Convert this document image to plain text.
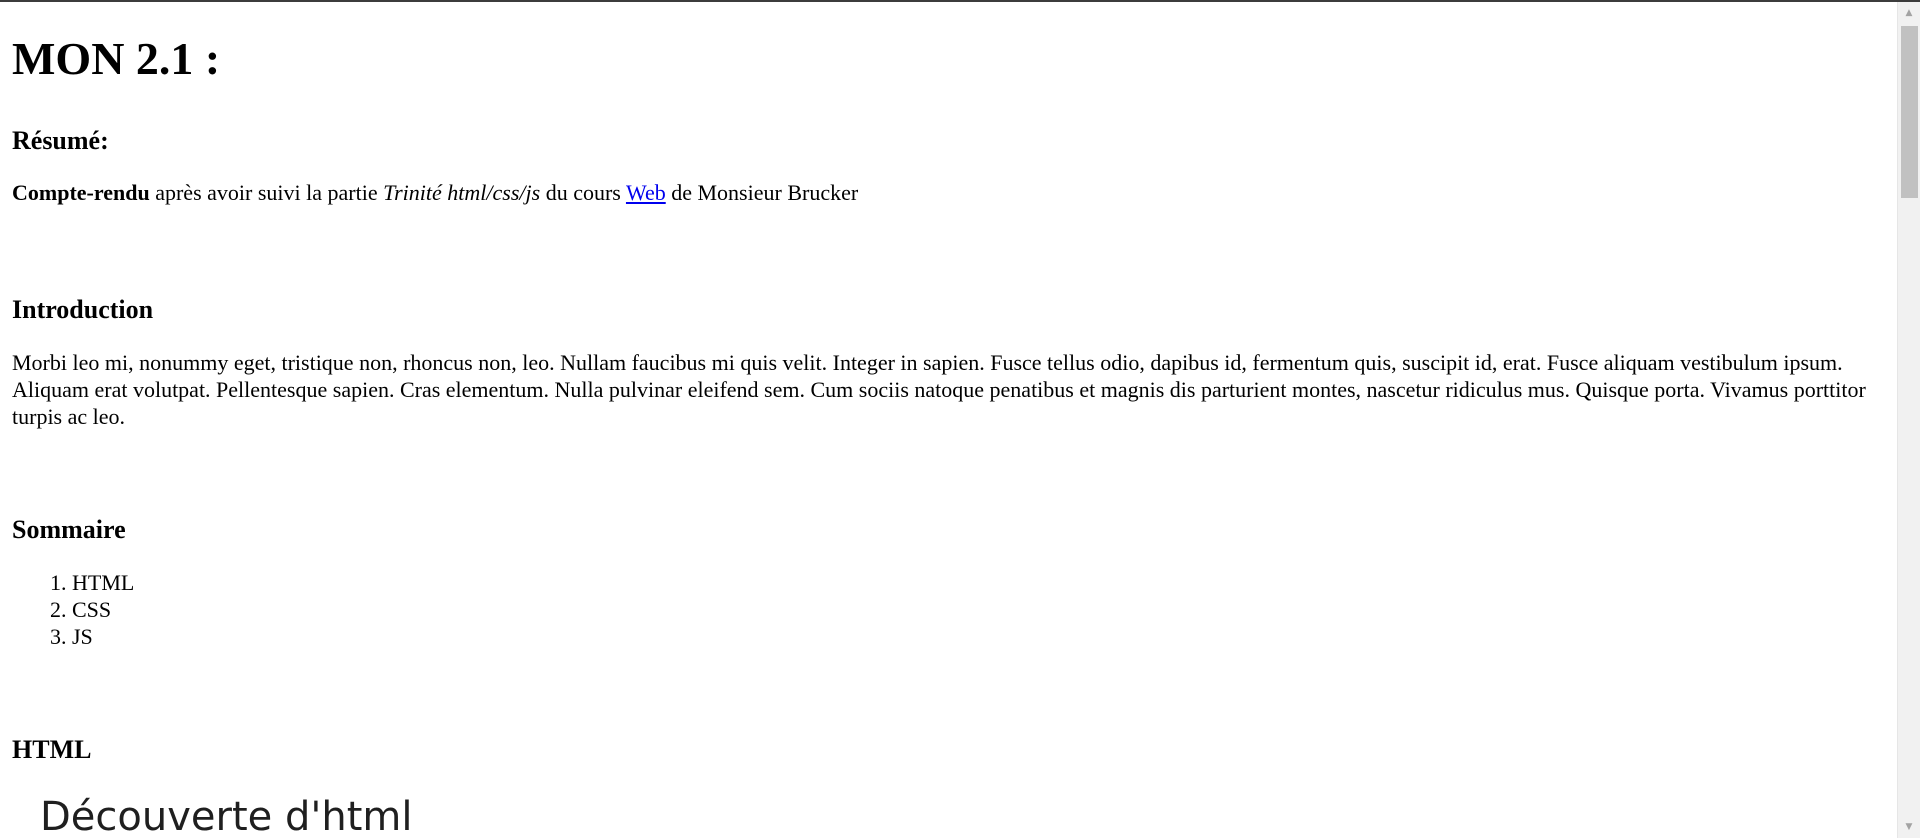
MON 2.1 :
Résumé:

Compte-rendu après avoir suivi la partie Trinité html/css/js du cours Web de Monsieur Brucker

Introduction

Morbi leo mi, nonummy eget, tristique non, rhoncus non, leo. Nullam faucibus mi quis velit. Integer in sapien. Fusce tellus odio, dapibus id, fermentum quis, suscipit id, erat. Fusce aliquam vestibulum ipsum. Aliquam erat volutpat. Pellentesque sapien. Cras elementum. Nulla pulvinar eleifend sem. Cum sociis natoque penatibus et magnis dis parturient montes, nascetur ridiculus mus. Quisque porta. Vivamus porttitor turpis ac leo.

Sommaire
1. HTML
2. CSS
3. JS
HTML
Découverte d'html
▲
▼
